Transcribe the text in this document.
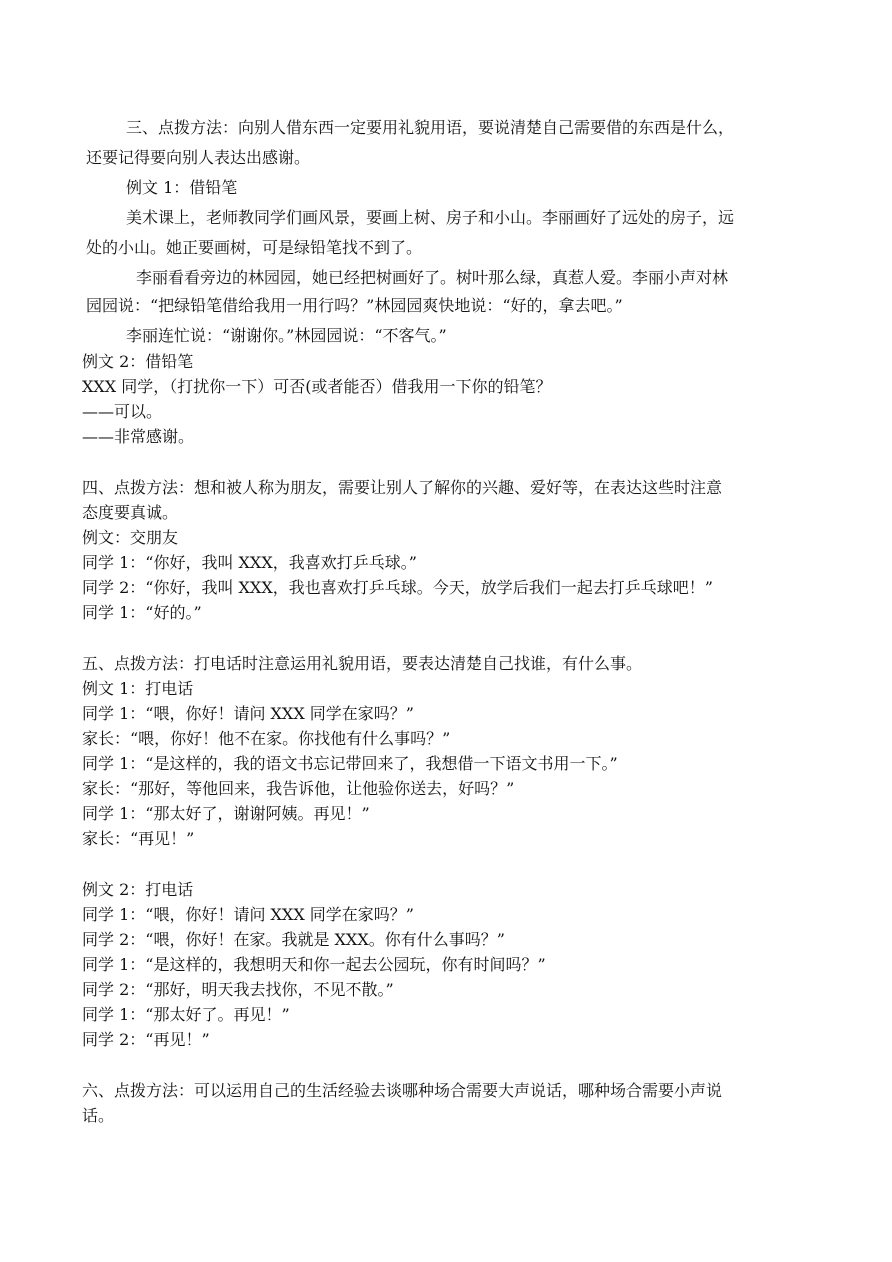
三、点拨方法：向别人借东西一定要用礼貌用语，要说清楚自己需要借的东西是什么，
还要记得要向别人表达出感谢。
例文 1：借铅笔
美术课上，老师教同学们画风景，要画上树、房子和小山。李丽画好了远处的房子，远
处的小山。她正要画树，可是绿铅笔找不到了。
李丽看看旁边的林园园，她已经把树画好了。树叶那么绿，真惹人爱。李丽小声对林
园园说：“把绿铅笔借给我用一用行吗？”林园园爽快地说：“好的，拿去吧。”
李丽连忙说：“谢谢你。”林园园说：“不客气。”
例文 2：借铅笔
XXX 同学，（打扰你一下）可否(或者能否）借我用一下你的铅笔？
——可以。
——非常感谢。
四、点拨方法：想和被人称为朋友，需要让别人了解你的兴趣、爱好等，在表达这些时注意
态度要真诚。
例文：交朋友
同学 1：“你好，我叫 XXX，我喜欢打乒乓球。”
同学 2：“你好，我叫 XXX，我也喜欢打乒乓球。今天，放学后我们一起去打乒乓球吧！”
同学 1：“好的。”
五、点拨方法：打电话时注意运用礼貌用语，要表达清楚自己找谁，有什么事。
例文 1：打电话
同学 1：“喂，你好！请问 XXX 同学在家吗？”
家长：“喂，你好！他不在家。你找他有什么事吗？”
同学 1：“是这样的，我的语文书忘记带回来了，我想借一下语文书用一下。”
家长：“那好，等他回来，我告诉他，让他验你送去，好吗？”
同学 1：“那太好了，谢谢阿姨。再见！”
家长：“再见！”
例文 2：打电话
同学 1：“喂，你好！请问 XXX 同学在家吗？”
同学 2：“喂，你好！在家。我就是 XXX。你有什么事吗？”
同学 1：“是这样的，我想明天和你一起去公园玩，你有时间吗？”
同学 2：“那好，明天我去找你，不见不散。”
同学 1：“那太好了。再见！”
同学 2：“再见！”
六、点拨方法：可以运用自己的生活经验去谈哪种场合需要大声说话，哪种场合需要小声说
话。
